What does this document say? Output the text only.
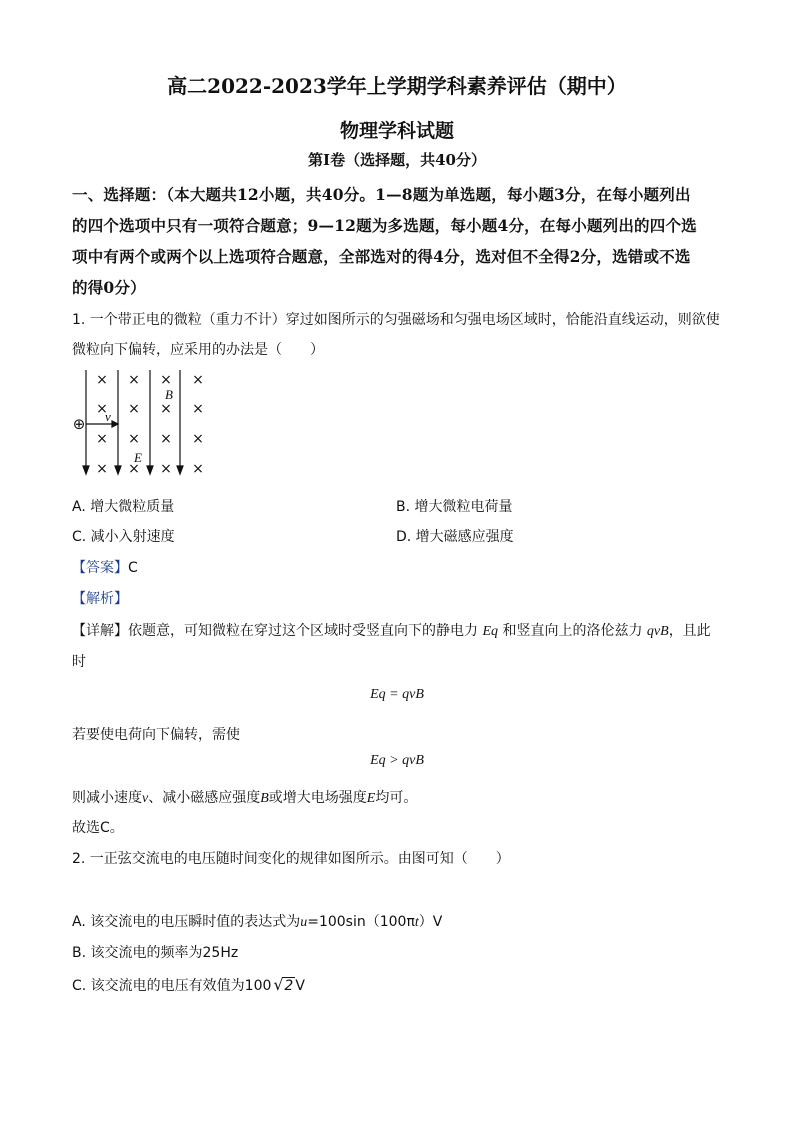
高二2022-2023学年上学期学科素养评估（期中）
物理学科试题
第I卷（选择题，共40分）
一、选择题：（本大题共12小题，共40分。1—8题为单选题，每小题3分，在每小题列出
的四个选项中只有一项符合题意；9—12题为多选题，每小题4分，在每小题列出的四个选
项中有两个或两个以上选项符合题意，全部选对的得4分，选对但不全得2分，选错或不选
的得0分）
1. 一个带正电的微粒（重力不计）穿过如图所示的匀强磁场和匀强电场区域时，恰能沿直线运动，则欲使
微粒向下偏转，应采用的办法是（　　）
× × × ×
× × × ×
× × × ×
× × × ×
⊕
B
v
E
A. 增大微粒质量	B. 增大微粒电荷量
C. 减小入射速度	D. 增大磁感应强度
【答案】C
【解析】
【详解】依题意，可知微粒在穿过这个区域时受竖直向下的静电力 Eq 和竖直向上的洛伦兹力 qvB，且此
时
Eq = qvB
若要使电荷向下偏转，需使
Eq > qvB
则减小速度v、减小磁感应强度B或增大电场强度E均可。
故选C。
2. 一正弦交流电的电压随时间变化的规律如图所示。由图可知（　　）
A. 该交流电的电压瞬时值的表达式为u=100sin（100πt）V
B. 该交流电的频率为25Hz
C. 该交流电的电压有效值为100 √ 2 V
